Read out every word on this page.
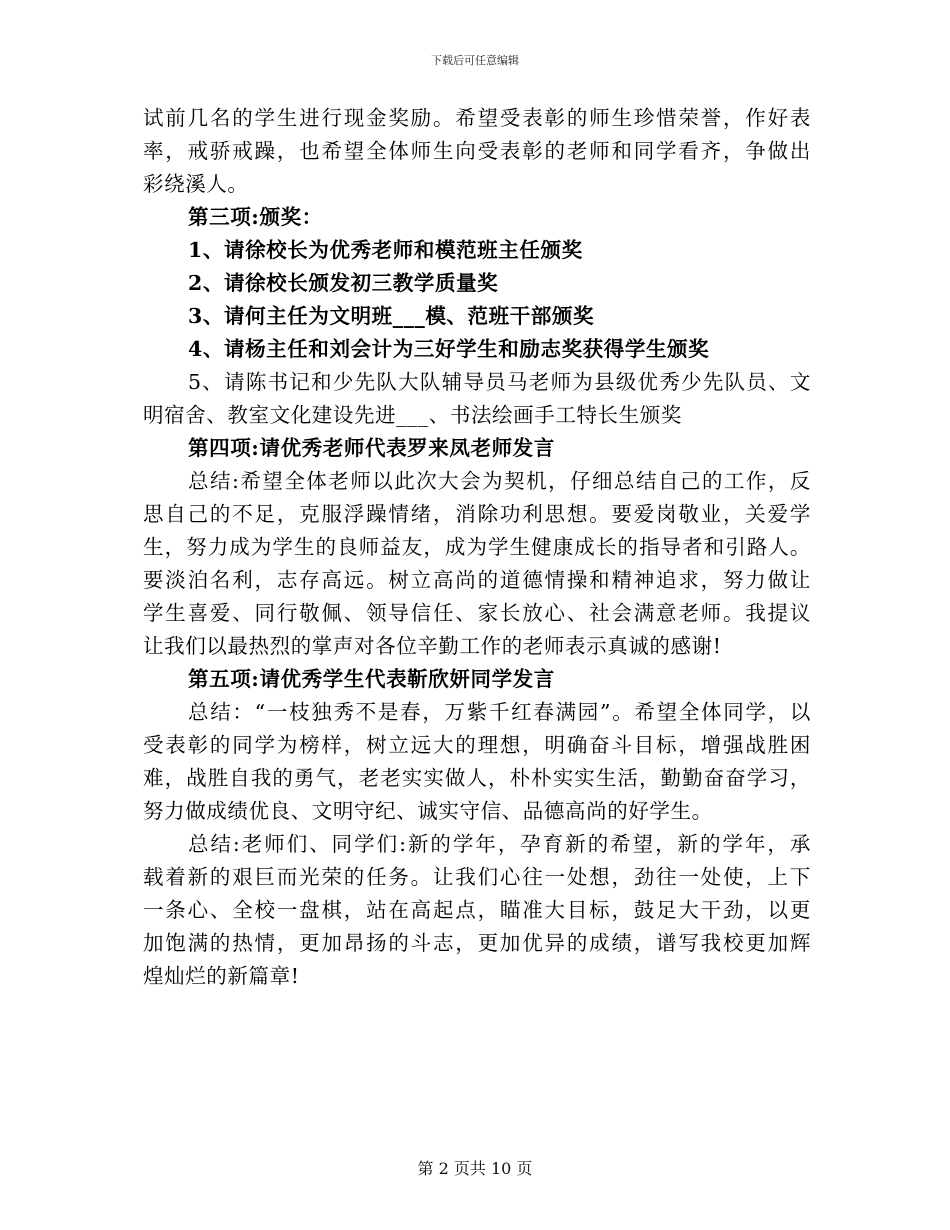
下载后可任意编辑
试前几名的学生进行现金奖励。希望受表彰的师生珍惜荣誉，作好表
率，戒骄戒躁，也希望全体师生向受表彰的老师和同学看齐，争做出
彩绕溪人。
第三项:颁奖：
1、请徐校长为优秀老师和模范班主任颁奖
2、请徐校长颁发初三教学质量奖
3、请何主任为文明班___模、范班干部颁奖
4、请杨主任和刘会计为三好学生和励志奖获得学生颁奖
5、请陈书记和少先队大队辅导员马老师为县级优秀少先队员、文
明宿舍、教室文化建设先进___、书法绘画手工特长生颁奖
第四项:请优秀老师代表罗来凤老师发言
总结:希望全体老师以此次大会为契机，仔细总结自己的工作，反
思自己的不足，克服浮躁情绪，消除功利思想。要爱岗敬业，关爱学
生，努力成为学生的良师益友，成为学生健康成长的指导者和引路人。
要淡泊名利，志存高远。树立高尚的道德情操和精神追求，努力做让
学生喜爱、同行敬佩、领导信任、家长放心、社会满意老师。我提议
让我们以最热烈的掌声对各位辛勤工作的老师表示真诚的感谢!
第五项:请优秀学生代表靳欣妍同学发言
总结：“一枝独秀不是春，万紫千红春满园”。希望全体同学，以
受表彰的同学为榜样，树立远大的理想，明确奋斗目标，增强战胜困
难，战胜自我的勇气，老老实实做人，朴朴实实生活，勤勤奋奋学习，
努力做成绩优良、文明守纪、诚实守信、品德高尚的好学生。
总结:老师们、同学们:新的学年，孕育新的希望，新的学年，承
载着新的艰巨而光荣的任务。让我们心往一处想，劲往一处使，上下
一条心、全校一盘棋，站在高起点，瞄准大目标，鼓足大干劲，以更
加饱满的热情，更加昂扬的斗志，更加优异的成绩，谱写我校更加辉
煌灿烂的新篇章!
第 2 页共 10 页
